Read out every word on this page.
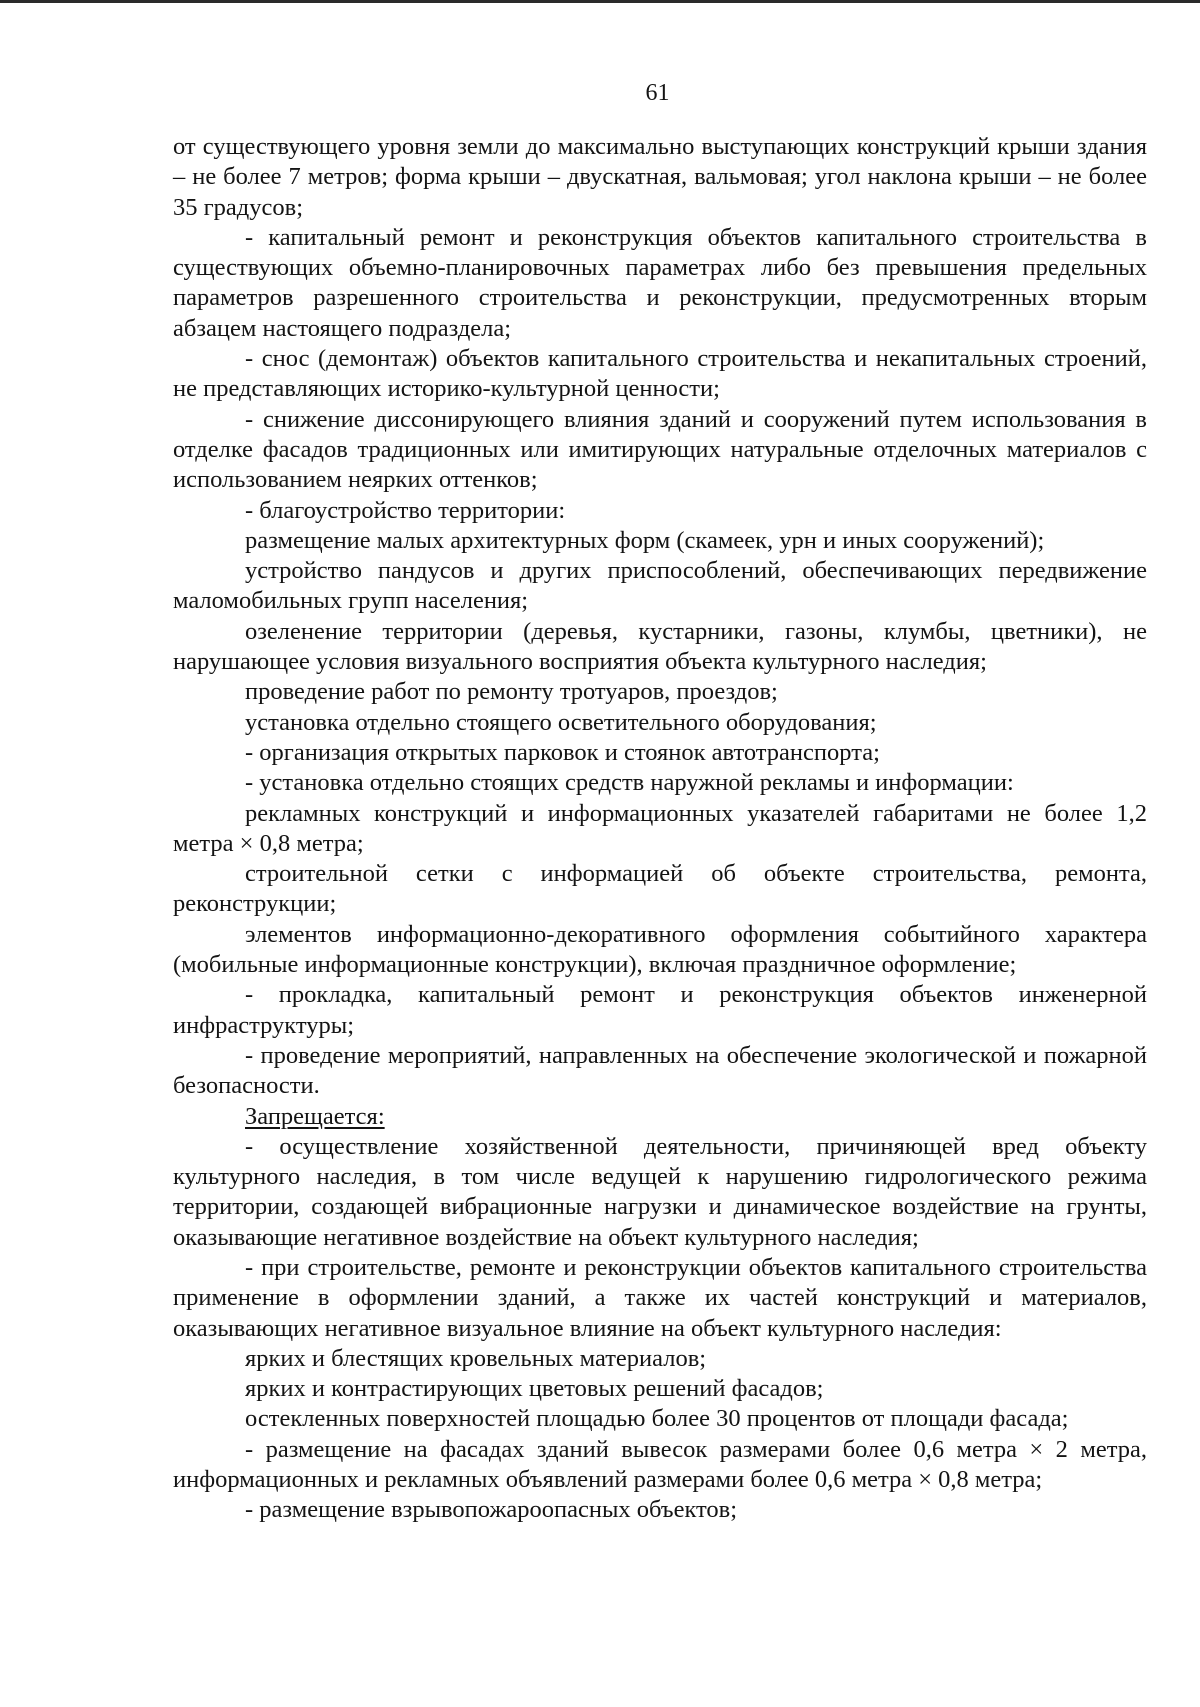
61

от существующего уровня земли до максимально выступающих конструкций крыши здания – не более 7 метров; форма крыши – двускатная, вальмовая; угол наклона крыши – не более 35 градусов;

- капитальный ремонт и реконструкция объектов капитального строительства в существующих объемно-планировочных параметрах либо без превышения предельных параметров разрешенного строительства и реконструкции, предусмотренных вторым абзацем настоящего подраздела;

- снос (демонтаж) объектов капитального строительства и некапитальных строений, не представляющих историко-культурной ценности;

- снижение диссонирующего влияния зданий и сооружений путем использования в отделке фасадов традиционных или имитирующих натуральные отделочных материалов с использованием неярких оттенков;

- благоустройство территории:

размещение малых архитектурных форм (скамеек, урн и иных сооружений);

устройство пандусов и других приспособлений, обеспечивающих передвижение маломобильных групп населения;

озеленение территории (деревья, кустарники, газоны, клумбы, цветники), не нарушающее условия визуального восприятия объекта культурного наследия;

проведение работ по ремонту тротуаров, проездов;

установка отдельно стоящего осветительного оборудования;

- организация открытых парковок и стоянок автотранспорта;

- установка отдельно стоящих средств наружной рекламы и информации:

рекламных конструкций и информационных указателей габаритами не более 1,2 метра × 0,8 метра;

строительной сетки с информацией об объекте строительства, ремонта, реконструкции;

элементов информационно-декоративного оформления событийного характера (мобильные информационные конструкции), включая праздничное оформление;

- прокладка, капитальный ремонт и реконструкция объектов инженерной инфраструктуры;

- проведение мероприятий, направленных на обеспечение экологической и пожарной безопасности.

Запрещается:

- осуществление хозяйственной деятельности, причиняющей вред объекту культурного наследия, в том числе ведущей к нарушению гидрологического режима территории, создающей вибрационные нагрузки и динамическое воздействие на грунты, оказывающие негативное воздействие на объект культурного наследия;

- при строительстве, ремонте и реконструкции объектов капитального строительства применение в оформлении зданий, а также их частей конструкций и материалов, оказывающих негативное визуальное влияние на объект культурного наследия:

ярких и блестящих кровельных материалов;

ярких и контрастирующих цветовых решений фасадов;

остекленных поверхностей площадью более 30 процентов от площади фасада;

- размещение на фасадах зданий вывесок размерами более 0,6 метра × 2 метра, информационных и рекламных объявлений размерами более 0,6 метра × 0,8 метра;

- размещение взрывопожароопасных объектов;
